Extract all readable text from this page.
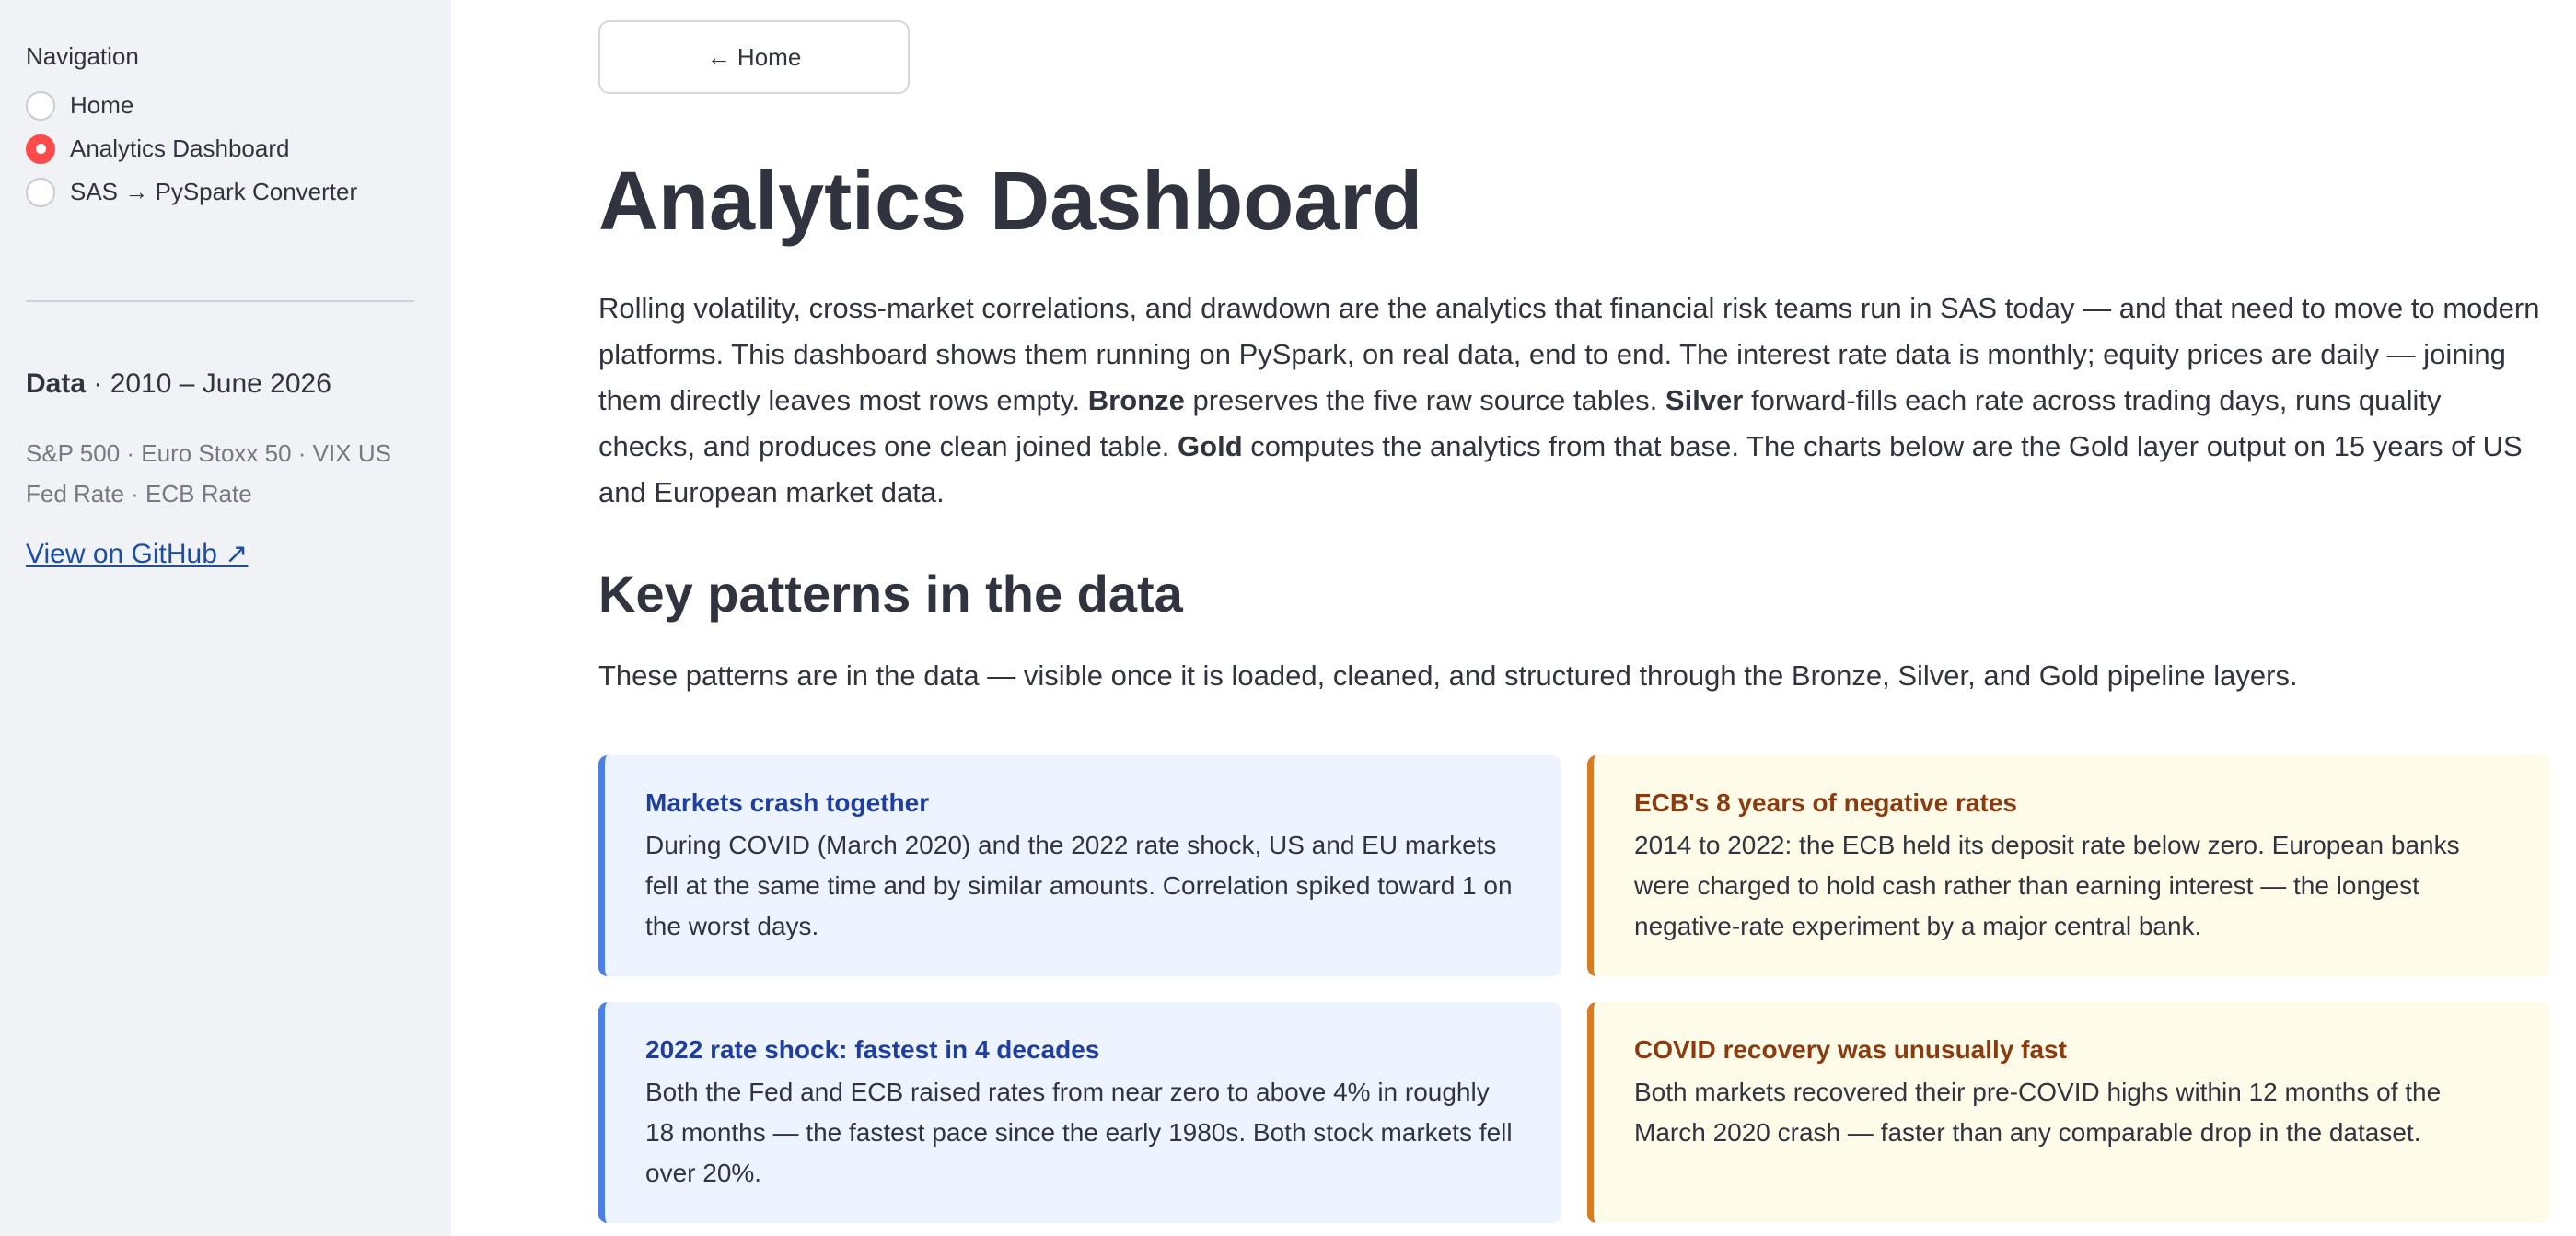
Navigation
Home
Analytics Dashboard
SAS → PySpark Converter
Data · 2010 – June 2026
S&P 500 · Euro Stoxx 50 · VIX US Fed Rate · ECB Rate
View on GitHub ↗
← Home
Analytics Dashboard

Rolling volatility, cross-market correlations, and drawdown are the analytics that financial risk teams run in SAS today — and that need to move to modern platforms. This dashboard shows them running on PySpark, on real data, end to end. The interest rate data is monthly; equity prices are daily — joining them directly leaves most rows empty. Bronze preserves the five raw source tables. Silver forward-fills each rate across trading days, runs quality checks, and produces one clean joined table. Gold computes the analytics from that base. The charts below are the Gold layer output on 15 years of US and European market data.

Key patterns in the data

These patterns are in the data — visible once it is loaded, cleaned, and structured through the Bronze, Silver, and Gold pipeline layers.

Markets crash together
During COVID (March 2020) and the 2022 rate shock, US and EU markets fell at the same time and by similar amounts. Correlation spiked toward 1 on the worst days.
ECB's 8 years of negative rates
2014 to 2022: the ECB held its deposit rate below zero. European banks were charged to hold cash rather than earning interest — the longest negative-rate experiment by a major central bank.
2022 rate shock: fastest in 4 decades
Both the Fed and ECB raised rates from near zero to above 4% in roughly 18 months — the fastest pace since the early 1980s. Both stock markets fell over 20%.
COVID recovery was unusually fast
Both markets recovered their pre-COVID highs within 12 months of the March 2020 crash — faster than any comparable drop in the dataset.
